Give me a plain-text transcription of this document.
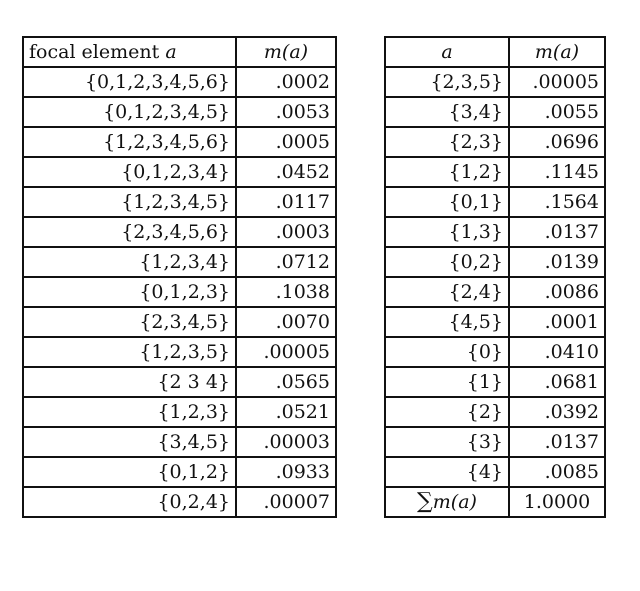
focal element a	m(a)
{0,1,2,3,4,5,6}	.0002
{0,1,2,3,4,5}	.0053
{1,2,3,4,5,6}	.0005
{0,1,2,3,4}	.0452
{1,2,3,4,5}	.0117
{2,3,4,5,6}	.0003
{1,2,3,4}	.0712
{0,1,2,3}	.1038
{2,3,4,5}	.0070
{1,2,3,5}	.00005
{2 3 4}	.0565
{1,2,3}	.0521
{3,4,5}	.00003
{0,1,2}	.0933
{0,2,4}	.00007
a	m(a)
{2,3,5}	.00005
{3,4}	.0055
{2,3}	.0696
{1,2}	.1145
{0,1}	.1564
{1,3}	.0137
{0,2}	.0139
{2,4}	.0086
{4,5}	.0001
{0}	.0410
{1}	.0681
{2}	.0392
{3}	.0137
{4}	.0085
∑m(a)	1.0000
